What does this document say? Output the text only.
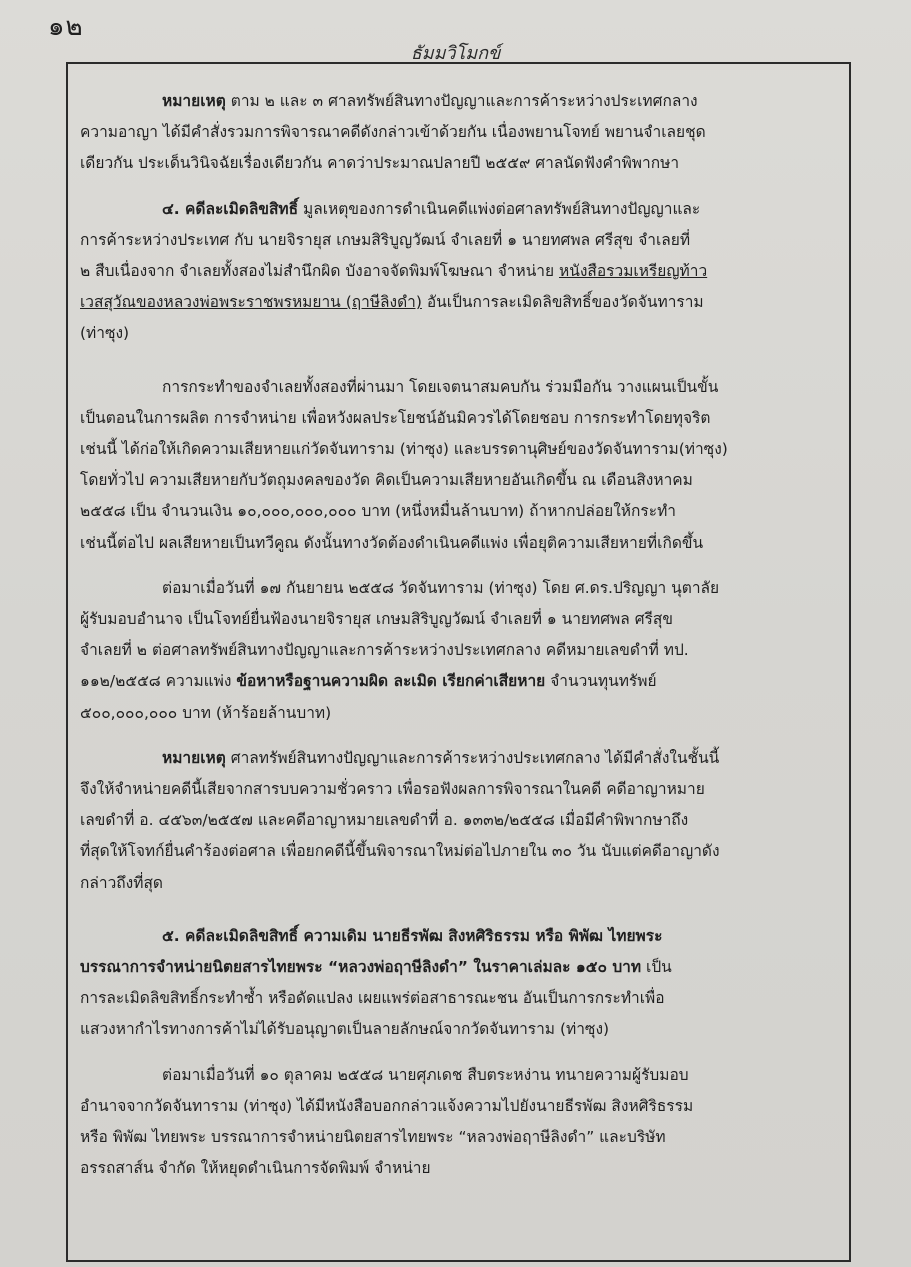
๑๒
ธัมมวิโมกข์
หมายเหตุ ตาม ๒ และ ๓ ศาลทรัพย์สินทางปัญญาและการค้าระหว่างประเทศกลาง
ความอาญา ได้มีคำสั่งรวมการพิจารณาคดีดังกล่าวเข้าด้วยกัน เนื่องพยานโจทย์ พยานจำเลยชุด
เดียวกัน ประเด็นวินิจฉัยเรื่องเดียวกัน คาดว่าประมาณปลายปี ๒๕๕๙ ศาลนัดฟังคำพิพากษา
๔. คดีละเมิดลิขสิทธิ์ มูลเหตุของการดำเนินคดีแพ่งต่อศาลทรัพย์สินทางปัญญาและ
การค้าระหว่างประเทศ กับ นายจิรายุส เกษมสิริบูญวัฒน์ จำเลยที่ ๑ นายทศพล ศรีสุข จำเลยที่
๒ สืบเนื่องจาก จำเลยทั้งสองไม่สำนึกผิด บังอาจจัดพิมพ์โฆษณา จำหน่าย หนังสือรวมเหรียญท้าว
เวสสุวัณของหลวงพ่อพระราชพรหมยาน (ฤาษีลิงดำ) อันเป็นการละเมิดลิขสิทธิ์ของวัดจันทาราม
(ท่าซุง)
การกระทำของจำเลยทั้งสองที่ผ่านมา โดยเจตนาสมคบกัน ร่วมมือกัน วางแผนเป็นขั้น
เป็นตอนในการผลิต การจำหน่าย เพื่อหวังผลประโยชน์อันมิควรได้โดยชอบ การกระทำโดยทุจริต
เช่นนี้ ได้ก่อให้เกิดความเสียหายแก่วัดจันทาราม (ท่าซุง) และบรรดานุศิษย์ของวัดจันทาราม(ท่าซุง)
โดยทั่วไป ความเสียหายกับวัตถุมงคลของวัด คิดเป็นความเสียหายอันเกิดขึ้น ณ เดือนสิงหาคม
๒๕๕๘ เป็น จำนวนเงิน ๑๐,๐๐๐,๐๐๐,๐๐๐ บาท (หนึ่งหมื่นล้านบาท) ถ้าหากปล่อยให้กระทำ
เช่นนี้ต่อไป ผลเสียหายเป็นทวีคูณ ดังนั้นทางวัดต้องดำเนินคดีแพ่ง เพื่อยุติความเสียหายที่เกิดขึ้น
ต่อมาเมื่อวันที่ ๑๗ กันยายน ๒๕๕๘ วัดจันทาราม (ท่าซุง) โดย ศ.ดร.ปริญญา นุตาลัย
ผู้รับมอบอำนาจ เป็นโจทย์ยื่นฟ้องนายจิรายุส เกษมสิริบูญวัฒน์ จำเลยที่ ๑ นายทศพล ศรีสุข
จำเลยที่ ๒ ต่อศาลทรัพย์สินทางปัญญาและการค้าระหว่างประเทศกลาง คดีหมายเลขดำที่ ทป.
๑๑๒/๒๕๕๘ ความแพ่ง ข้อหาหรือฐานความผิด ละเมิด เรียกค่าเสียหาย จำนวนทุนทรัพย์
๕๐๐,๐๐๐,๐๐๐ บาท (ห้าร้อยล้านบาท)
หมายเหตุ ศาลทรัพย์สินทางปัญญาและการค้าระหว่างประเทศกลาง ได้มีคำสั่งในชั้นนี้
จึงให้จำหน่ายคดีนี้เสียจากสารบบความชั่วคราว เพื่อรอฟังผลการพิจารณาในคดี คดีอาญาหมาย
เลขดำที่ อ. ๔๕๖๓/๒๕๕๗ และคดีอาญาหมายเลขดำที่ อ. ๑๓๓๒/๒๕๕๘ เมื่อมีคำพิพากษาถึง
ที่สุดให้โจทก์ยื่นคำร้องต่อศาล เพื่อยกคดีนี้ขึ้นพิจารณาใหม่ต่อไปภายใน ๓๐ วัน นับแต่คดีอาญาดัง
กล่าวถึงที่สุด
๕. คดีละเมิดลิขสิทธิ์ ความเดิม นายธีรพัฒ สิงหศิริธรรม หรือ พิพัฒ ไทยพระ
บรรณาการจำหน่ายนิตยสารไทยพระ “หลวงพ่อฤาษีลิงดำ” ในราคาเล่มละ ๑๕๐ บาท เป็น
การละเมิดลิขสิทธิ์กระทำซ้ำ หรือดัดแปลง เผยแพร่ต่อสาธารณะชน อันเป็นการกระทำเพื่อ
แสวงหากำไรทางการค้าไม่ได้รับอนุญาตเป็นลายลักษณ์จากวัดจันทาราม (ท่าซุง)
ต่อมาเมื่อวันที่ ๑๐ ตุลาคม ๒๕๕๘ นายศุภเดช สืบตระหง่าน ทนายความผู้รับมอบ
อำนาจจากวัดจันทาราม (ท่าซุง) ได้มีหนังสือบอกกล่าวแจ้งความไปยังนายธีรพัฒ สิงหศิริธรรม
หรือ พิพัฒ ไทยพระ บรรณาการจำหน่ายนิตยสารไทยพระ “หลวงพ่อฤาษีลิงดำ” และบริษัท
อรรถสาส์น จำกัด ให้หยุดดำเนินการจัดพิมพ์ จำหน่าย
